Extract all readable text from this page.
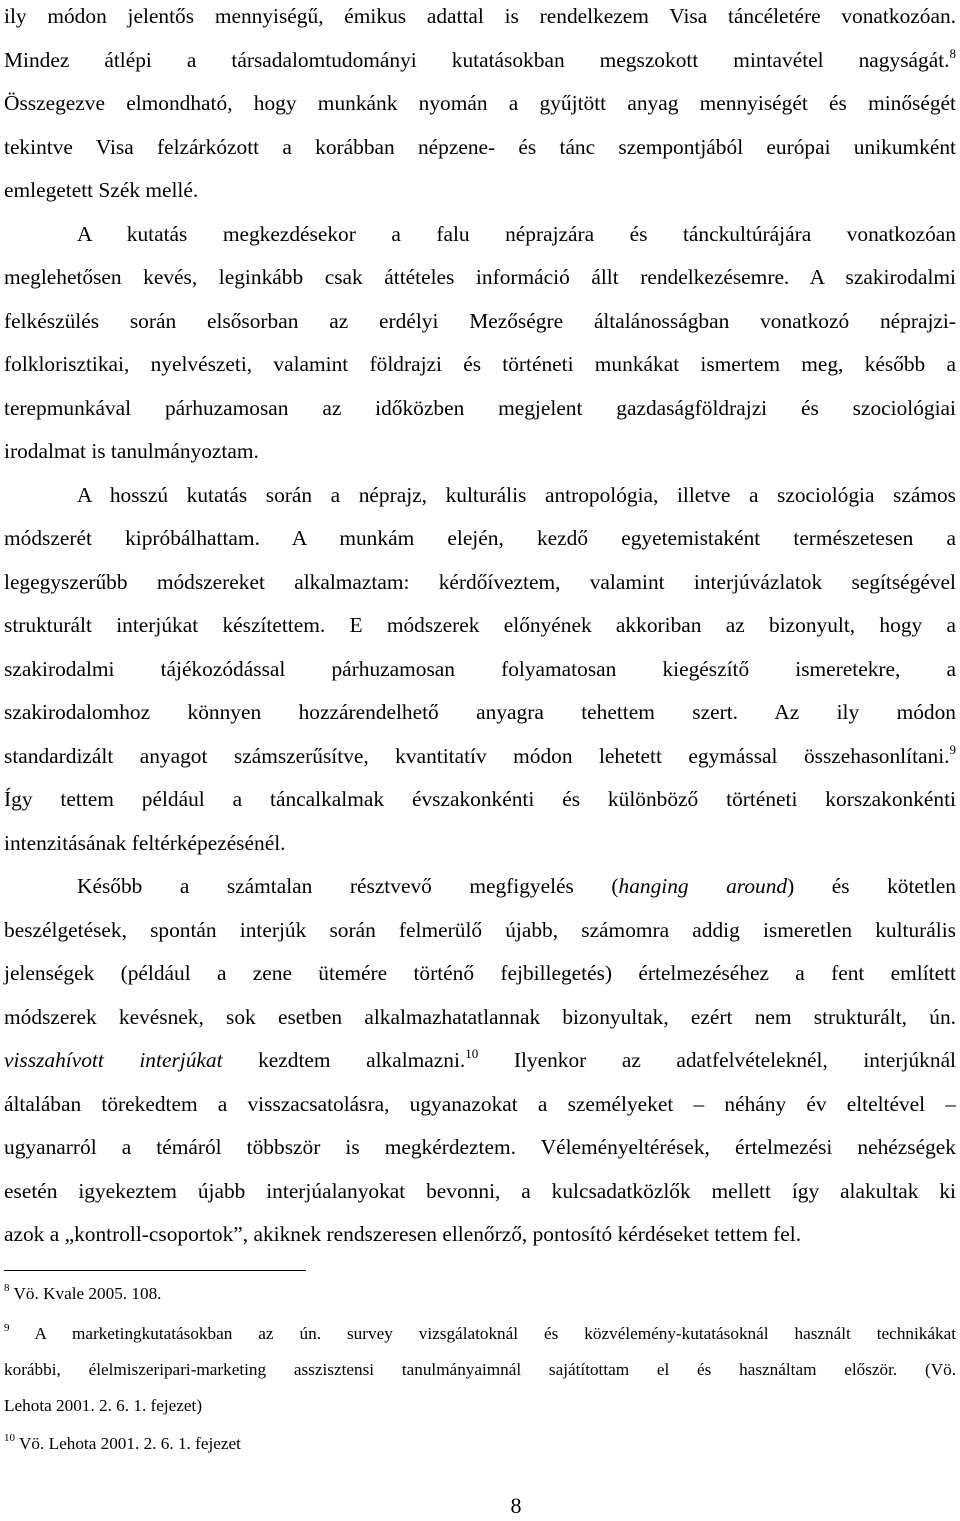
ily módon jelentős mennyiségű, émikus adattal is rendelkezem Visa táncéletére vonatkozóan.
Mindez átlépi a társadalomtudományi kutatásokban megszokott mintavétel nagyságát.$^8$
Összegezve elmondható, hogy munkánk nyomán a gyűjtött anyag mennyiségét és minőségét
tekintve Visa felzárkózott a korábban népzene- és tánc szempontjából európai unikumként
emlegetett Szék mellé.
A kutatás megkezdésekor a falu néprajzára és tánckultúrájára vonatkozóan
meglehetősen kevés, leginkább csak áttételes információ állt rendelkezésemre. A szakirodalmi
felkészülés során elsősorban az erdélyi Mezőségre általánosságban vonatkozó néprajzi-
folklorisztikai, nyelvészeti, valamint földrajzi és történeti munkákat ismertem meg, később a
terepmunkával párhuzamosan az időközben megjelent gazdaságföldrajzi és szociológiai
irodalmat is tanulmányoztam.
A hosszú kutatás során a néprajz, kulturális antropológia, illetve a szociológia számos
módszerét kipróbálhattam. A munkám elején, kezdő egyetemistaként természetesen a
legegyszerűbb módszereket alkalmaztam: kérdőíveztem, valamint interjúvázlatok segítségével
strukturált interjúkat készítettem. E módszerek előnyének akkoriban az bizonyult, hogy a
szakirodalmi tájékozódással párhuzamosan folyamatosan kiegészítő ismeretekre, a
szakirodalomhoz könnyen hozzárendelhető anyagra tehettem szert. Az ily módon
standardizált anyagot számszerűsítve, kvantitatív módon lehetett egymással összehasonlítani.$^9$
Így tettem például a táncalkalmak évszakonkénti és különböző történeti korszakonkénti
intenzitásának feltérképezésénél.
Később a számtalan résztvevő megfigyelés (hanging around) és kötetlen
beszélgetések, spontán interjúk során felmerülő újabb, számomra addig ismeretlen kulturális
jelenségek (például a zene ütemére történő fejbillegetés) értelmezéséhez a fent említett
módszerek kevésnek, sok esetben alkalmazhatatlannak bizonyultak, ezért nem strukturált, ún.
visszahívott interjúkat kezdtem alkalmazni.$^{10}$ Ilyenkor az adatfelvételeknél, interjúknál
általában törekedtem a visszacsatolásra, ugyanazokat a személyeket – néhány év elteltével –
ugyanarról a témáról többször is megkérdeztem. Véleményeltérések, értelmezési nehézségek
esetén igyekeztem újabb interjúalanyokat bevonni, a kulcsadatközlők mellett így alakultak ki
azok a „kontroll-csoportok”, akiknek rendszeresen ellenőrző, pontosító kérdéseket tettem fel.
$^8$ Vö. Kvale 2005. 108.
$^9$ A marketingkutatásokban az ún. survey vizsgálatoknál és közvélemény-kutatásoknál használt technikákat
korábbi, élelmiszeripari-marketing asszisztensi tanulmányaimnál sajátítottam el és használtam először. (Vö.
Lehota 2001. 2. 6. 1. fejezet)
$^{10}$ Vö. Lehota 2001. 2. 6. 1. fejezet
8
